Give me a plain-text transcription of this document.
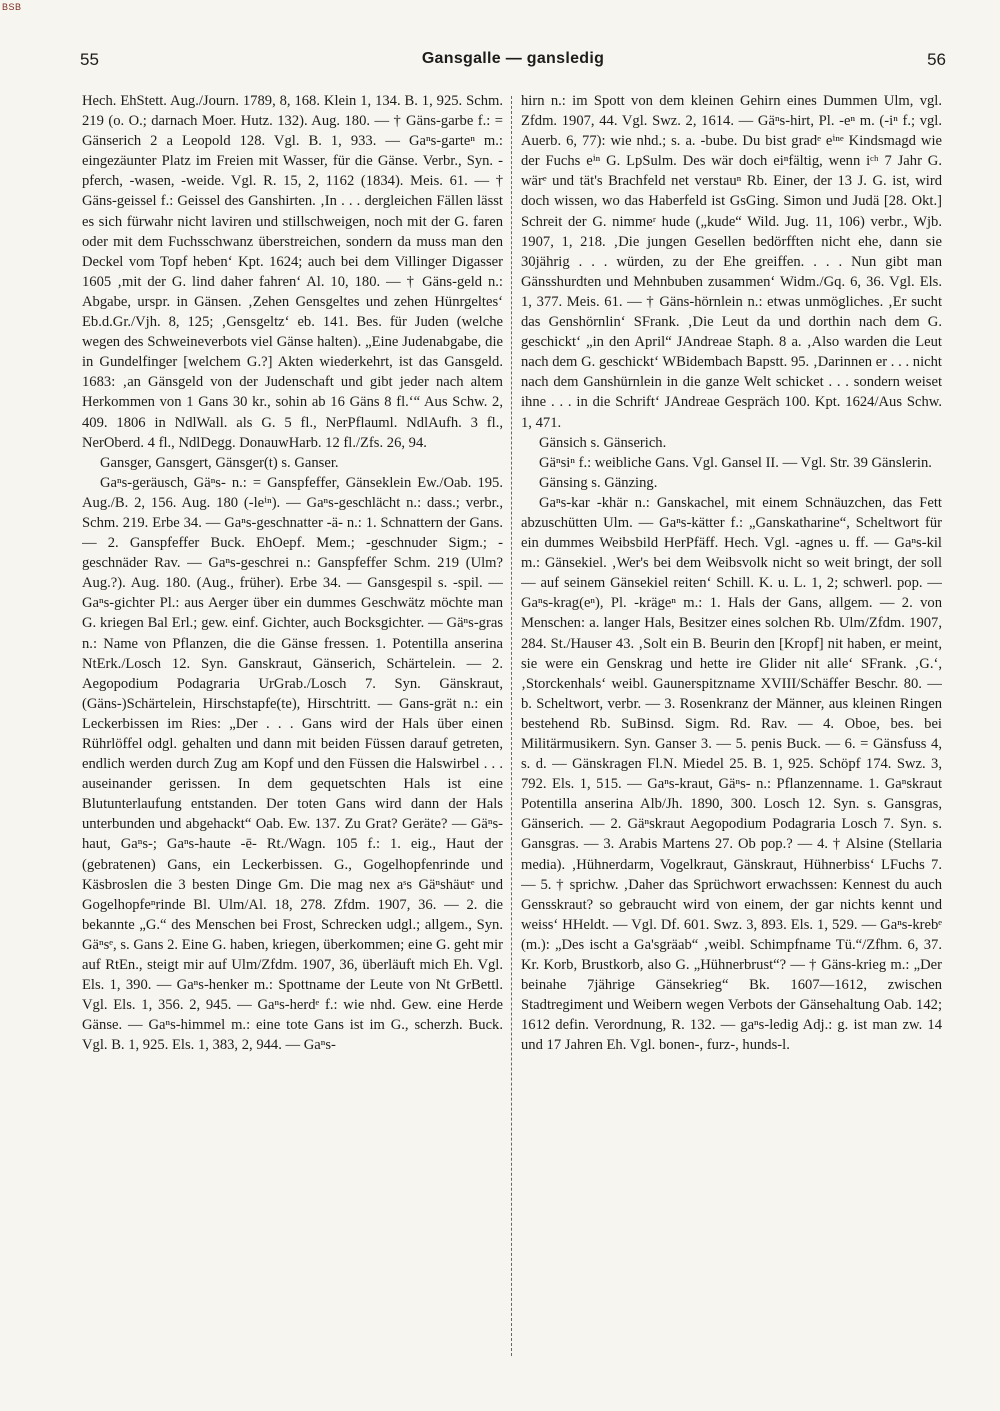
BSB
55	Gansgalle — gansledig	56

Hech. EhStett. Aug./Journ. 1789, 8, 168. Klein 1, 134. B. 1, 925. Schm. 219 (o. O.; darnach Moer. Hutz. 132). Aug. 180. — † Gäns-garbe f.: = Gänserich 2 a Leopold 128. Vgl. B. 1, 933. — Gaⁿs-garteⁿ m.: eingezäunter Platz im Freien mit Wasser, für die Gänse. Verbr., Syn. -pferch, -wasen, -weide. Vgl. R. 15, 2, 1162 (1834). Meis. 61. — † Gäns-geissel f.: Geissel des Ganshirten. ‚In . . . dergleichen Fällen lässt es sich fürwahr nicht laviren und stillschweigen, noch mit der G. faren oder mit dem Fuchsschwanz überstreichen, sondern da muss man den Deckel vom Topf heben‘ Kpt. 1624; auch bei dem Villinger Digasser 1605 ‚mit der G. lind daher fahren‘ Al. 10, 180. — † Gäns-geld n.: Abgabe, urspr. in Gänsen. ‚Zehen Gensgeltes und zehen Hünrgeltes‘ Eb.d.Gr./Vjh. 8, 125; ‚Gensgeltz‘ eb. 141. Bes. für Juden (welche wegen des Schweineverbots viel Gänse halten). „Eine Judenabgabe, die in Gundelfinger [welchem G.?] Akten wiederkehrt, ist das Gansgeld. 1683: ‚an Gänsgeld von der Judenschaft und gibt jeder nach altem Herkommen von 1 Gans 30 kr., sohin ab 16 Gäns 8 fl.‘“ Aus Schw. 2, 409. 1806 in NdlWall. als G. 5 fl., NerPflauml. NdlAufh. 3 fl., NerOberd. 4 fl., NdlDegg. DonauwHarb. 12 fl./Zfs. 26, 94.

Gansger, Gansgert, Gänsger(t) s. Ganser.

Gaⁿs-geräusch, Gäⁿs- n.: = Ganspfeffer, Gänseklein Ew./Oab. 195. Aug./B. 2, 156. Aug. 180 (-leⁱⁿ). — Gaⁿs-geschlächt n.: dass.; verbr., Schm. 219. Erbe 34. — Gaⁿs-geschnatter -ä- n.: 1. Schnattern der Gans. — 2. Ganspfeffer Buck. EhOepf. Mem.; -geschnuder Sigm.; -geschnäder Rav. — Gaⁿs-geschrei n.: Ganspfeffer Schm. 219 (Ulm? Aug.?). Aug. 180. (Aug., früher). Erbe 34. — Gansgespil s. -spil. — Gaⁿs-gichter Pl.: aus Aerger über ein dummes Geschwätz möchte man G. kriegen Bal Erl.; gew. einf. Gichter, auch Bocksgichter. — Gäⁿs-gras n.: Name von Pflanzen, die die Gänse fressen. 1. Potentilla anserina NtErk./Losch 12. Syn. Ganskraut, Gänserich, Schärtelein. — 2. Aegopodium Podagraria UrGrab./Losch 7. Syn. Gänskraut, (Gäns-)Schärtelein, Hirschstapfe(te), Hirschtritt. — Gans-grät n.: ein Leckerbissen im Ries: „Der . . . Gans wird der Hals über einen Rührlöffel odgl. gehalten und dann mit beiden Füssen darauf getreten, endlich werden durch Zug am Kopf und den Füssen die Halswirbel . . . auseinander gerissen. In dem gequetschten Hals ist eine Blutunterlaufung entstanden. Der toten Gans wird dann der Hals unterbunden und abgehackt“ Oab. Ew. 137. Zu Grat? Geräte? — Gäⁿs-haut, Gaⁿs-; Gaⁿs-haute -ē- Rt./Wagn. 105 f.: 1. eig., Haut der (gebratenen) Gans, ein Leckerbissen. G., Gogelhopfenrinde und Käsbroslen die 3 besten Dinge Gm. Die mag nex aˢs Gäⁿshäutᵉ und Gogelhopfeⁿrinde Bl. Ulm/Al. 18, 278. Zfdm. 1907, 36. — 2. die bekannte „G.“ des Menschen bei Frost, Schrecken udgl.; allgem., Syn. Gäⁿsᵉ, s. Gans 2. Eine G. haben, kriegen, überkommen; eine G. geht mir auf RtEn., steigt mir auf Ulm/Zfdm. 1907, 36, überläuft mich Eh. Vgl. Els. 1, 390. — Gaⁿs-henker m.: Spottname der Leute von Nt GrBettl. Vgl. Els. 1, 356. 2, 945. — Gaⁿs-herdᵉ f.: wie nhd. Gew. eine Herde Gänse. — Gaⁿs-himmel m.: eine tote Gans ist im G., scherzh. Buck. Vgl. B. 1, 925. Els. 1, 383, 2, 944. — Gaⁿs-

hirn n.: im Spott von dem kleinen Gehirn eines Dummen Ulm, vgl. Zfdm. 1907, 44. Vgl. Swz. 2, 1614. — Gäⁿs-hirt, Pl. -eⁿ m. (-iⁿ f.; vgl. Auerb. 6, 77): wie nhd.; s. a. -bube. Du bist gradᵉ eⁱⁿᵉ Kindsmagd wie der Fuchs eⁱⁿ G. LpSulm. Des wär doch eiⁿfältig, wenn iᶜʰ 7 Jahr G. wärᵉ und tät's Brachfeld net verstauⁿ Rb. Einer, der 13 J. G. ist, wird doch wissen, wo das Haberfeld ist GsGing. Simon und Judä [28. Okt.] Schreit der G. nimmeʳ hude („kude“ Wild. Jug. 11, 106) verbr., Wjb. 1907, 1, 218. ‚Die jungen Gesellen bedörfften nicht ehe, dann sie 30jährig . . . würden, zu der Ehe greiffen. . . . Nun gibt man Gänsshurdten und Mehnbuben zusammen‘ Widm./Gq. 6, 36. Vgl. Els. 1, 377. Meis. 61. — † Gäns-hörnlein n.: etwas unmögliches. ‚Er sucht das Genshörnlin‘ SFrank. ‚Die Leut da und dorthin nach dem G. geschickt‘ „in den April“ JAndreae Staph. 8 a. ‚Also warden die Leut nach dem G. geschickt‘ WBidembach Bapstt. 95. ‚Darinnen er . . . nicht nach dem Ganshürnlein in die ganze Welt schicket . . . sondern weiset ihne . . . in die Schrift‘ JAndreae Gespräch 100. Kpt. 1624/Aus Schw. 1, 471.

Gänsich s. Gänserich.

Gäⁿsiⁿ f.: weibliche Gans. Vgl. Gansel II. — Vgl. Str. 39 Gänslerin.

Gänsing s. Gänzing.

Gaⁿs-kar -khär n.: Ganskachel, mit einem Schnäuzchen, das Fett abzuschütten Ulm. — Gaⁿs-kätter f.: „Ganskatharine“, Scheltwort für ein dummes Weibsbild HerPfäff. Hech. Vgl. -agnes u. ff. — Gaⁿs-kil m.: Gänsekiel. ‚Wer's bei dem Weibsvolk nicht so weit bringt, der soll — auf seinem Gänsekiel reiten‘ Schill. K. u. L. 1, 2; schwerl. pop. — Gaⁿs-krag(eⁿ), Pl. -krägeⁿ m.: 1. Hals der Gans, allgem. — 2. von Menschen: a. langer Hals, Besitzer eines solchen Rb. Ulm/Zfdm. 1907, 284. St./Hauser 43. ‚Solt ein B. Beurin den [Kropf] nit haben, er meint, sie were ein Genskrag und hette ire Glider nit alle‘ SFrank. ‚G.‘, ‚Storckenhals‘ weibl. Gaunerspitzname XVIII/Schäffer Beschr. 80. — b. Scheltwort, verbr. — 3. Rosenkranz der Männer, aus kleinen Ringen bestehend Rb. SuBinsd. Sigm. Rd. Rav. — 4. Oboe, bes. bei Militärmusikern. Syn. Ganser 3. — 5. penis Buck. — 6. = Gänsfuss 4, s. d. — Gänskragen Fl.N. Miedel 25. B. 1, 925. Schöpf 174. Swz. 3, 792. Els. 1, 515. — Gaⁿs-kraut, Gäⁿs- n.: Pflanzenname. 1. Gaⁿskraut Potentilla anserina Alb/Jh. 1890, 300. Losch 12. Syn. s. Gansgras, Gänserich. — 2. Gäⁿskraut Aegopodium Podagraria Losch 7. Syn. s. Gansgras. — 3. Arabis Martens 27. Ob pop.? — 4. † Alsine (Stellaria media). ‚Hühnerdarm, Vogelkraut, Gänskraut, Hühnerbiss‘ LFuchs 7. — 5. † sprichw. ‚Daher das Sprüchwort erwachssen: Kennest du auch Gensskraut? so gebraucht wird von einem, der gar nichts kennt und weiss‘ HHeldt. — Vgl. Df. 601. Swz. 3, 893. Els. 1, 529. — Gaⁿs-krebᵉ (m.): „Des ischt a Ga'sgräab“ ‚weibl. Schimpfname Tü.“/Zfhm. 6, 37. Kr. Korb, Brustkorb, also G. „Hühnerbrust“? — † Gäns-krieg m.: „Der beinahe 7jährige Gänsekrieg“ Bk. 1607—1612, zwischen Stadtregiment und Weibern wegen Verbots der Gänsehaltung Oab. 142; 1612 defin. Verordnung, R. 132. — gaⁿs-ledig Adj.: g. ist man zw. 14 und 17 Jahren Eh. Vgl. bonen-, furz-, hunds-l.
